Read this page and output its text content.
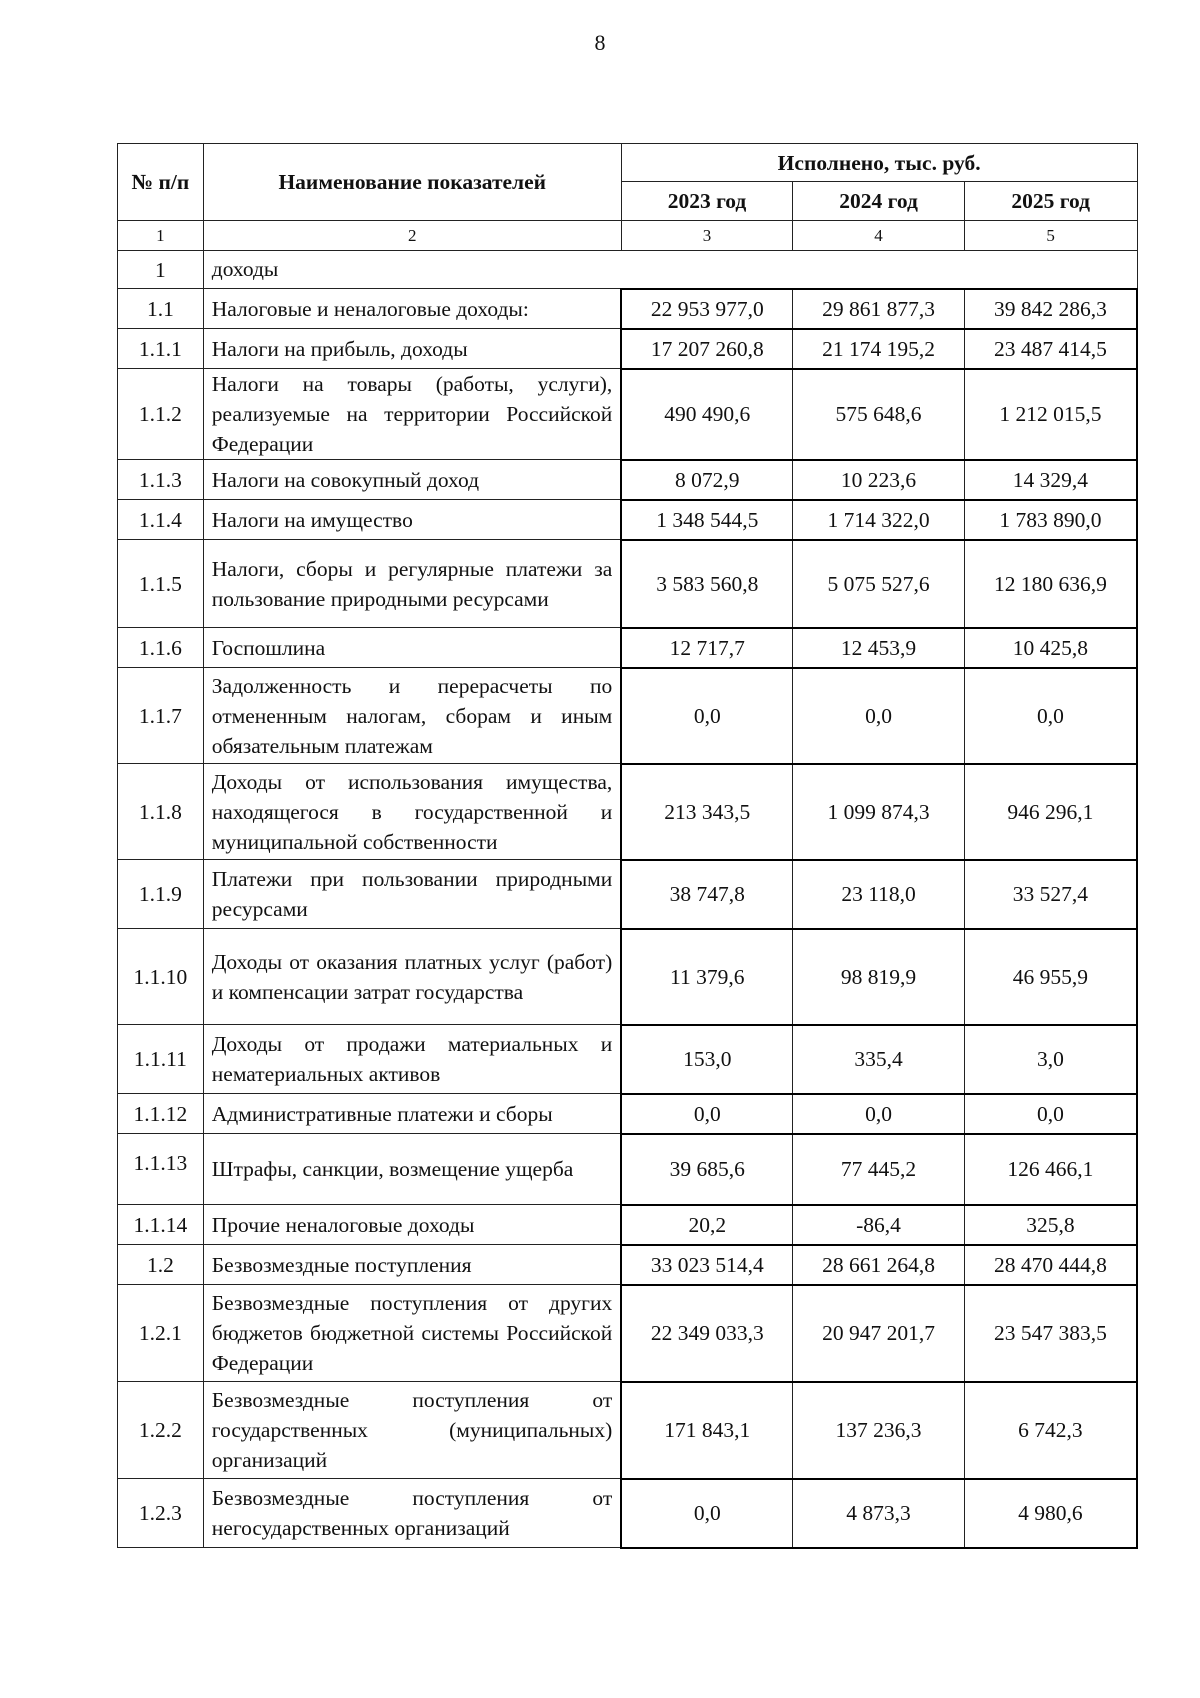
8
№ п/п	Наименование показателей	Исполнено, тыс. руб.		
		2023 год	2024 год	2025 год
1	2	3	4	5
1	доходы			
1.1	Налоговые и неналоговые доходы:	22 953 977,0	29 861 877,3	39 842 286,3
1.1.1	Налоги на прибыль, доходы	17 207 260,8	21 174 195,2	23 487 414,5
1.1.2	Налоги на товары (работы, услуги), реализуемые на территории Российской Федерации	490 490,6	575 648,6	1 212 015,5
1.1.3	Налоги на совокупный доход	8 072,9	10 223,6	14 329,4
1.1.4	Налоги на имущество	1 348 544,5	1 714 322,0	1 783 890,0
1.1.5	Налоги, сборы и регулярные платежи за пользование природными ресурсами	3 583 560,8	5 075 527,6	12 180 636,9
1.1.6	Госпошлина	12 717,7	12 453,9	10 425,8
1.1.7	Задолженность и перерасчеты по отмененным налогам, сборам и иным обязательным платежам	0,0	0,0	0,0
1.1.8	Доходы от использования имущества, находящегося в государственной и муниципальной собственности	213 343,5	1 099 874,3	946 296,1
1.1.9	Платежи при пользовании природными ресурсами	38 747,8	23 118,0	33 527,4
1.1.10	Доходы от оказания платных услуг (работ) и компенсации затрат государства	11 379,6	98 819,9	46 955,9
1.1.11	Доходы от продажи материальных и нематериальных активов	153,0	335,4	3,0
1.1.12	Административные платежи и сборы	0,0	0,0	0,0
1.1.13	Штрафы, санкции, возмещение ущерба	39 685,6	77 445,2	126 466,1
1.1.14	Прочие неналоговые доходы	20,2	-86,4	325,8
1.2	Безвозмездные поступления	33 023 514,4	28 661 264,8	28 470 444,8
1.2.1	Безвозмездные поступления от других бюджетов бюджетной системы Российской Федерации	22 349 033,3	20 947 201,7	23 547 383,5
1.2.2	Безвозмездные поступления от государственных (муниципальных) организаций	171 843,1	137 236,3	6 742,3
1.2.3	Безвозмездные поступления от негосударственных организаций	0,0	4 873,3	4 980,6
